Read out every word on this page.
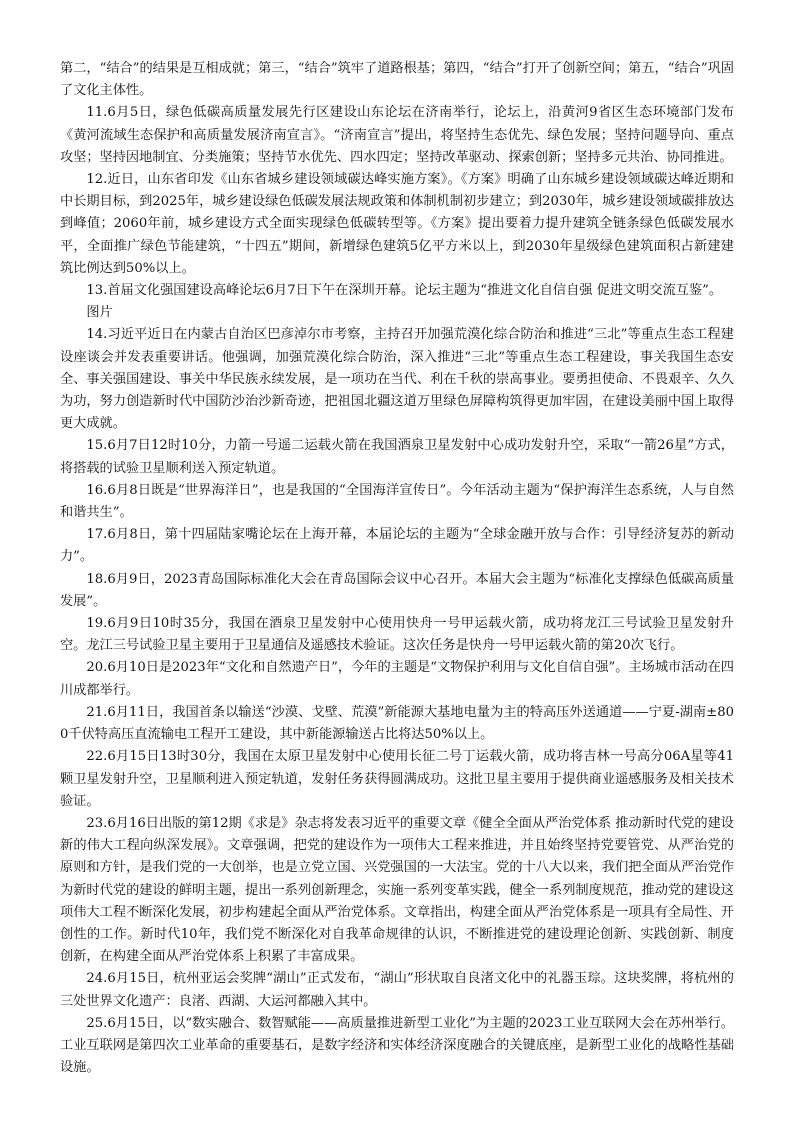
第二，“结合”的结果是互相成就；第三，“结合”筑牢了道路根基；第四，“结合”打开了创新空间；第五，“结合”巩固了文化主体性。

11.6月5日，绿色低碳高质量发展先行区建设山东论坛在济南举行，论坛上，沿黄河9省区生态环境部门发布《黄河流域生态保护和高质量发展济南宣言》。“济南宣言”提出，将坚持生态优先、绿色发展；坚持问题导向、重点攻坚；坚持因地制宜、分类施策；坚持节水优先、四水四定；坚持改革驱动、探索创新；坚持多元共治、协同推进。

12.近日，山东省印发《山东省城乡建设领域碳达峰实施方案》。《方案》明确了山东城乡建设领域碳达峰近期和中长期目标，到2025年，城乡建设绿色低碳发展法规政策和体制机制初步建立；到2030年，城乡建设领域碳排放达到峰值；2060年前，城乡建设方式全面实现绿色低碳转型等。《方案》提出要着力提升建筑全链条绿色低碳发展水平，全面推广绿色节能建筑，“十四五”期间，新增绿色建筑5亿平方米以上，到2030年星级绿色建筑面积占新建建筑比例达到50%以上。

13.首届文化强国建设高峰论坛6月7日下午在深圳开幕。论坛主题为“推进文化自信自强 促进文明交流互鉴”。

图片

14.习近平近日在内蒙古自治区巴彦淖尔市考察，主持召开加强荒漠化综合防治和推进“三北”等重点生态工程建设座谈会并发表重要讲话。他强调，加强荒漠化综合防治，深入推进“三北”等重点生态工程建设，事关我国生态安全、事关强国建设、事关中华民族永续发展，是一项功在当代、利在千秋的崇高事业。要勇担使命、不畏艰辛、久久为功，努力创造新时代中国防沙治沙新奇迹，把祖国北疆这道万里绿色屏障构筑得更加牢固，在建设美丽中国上取得更大成就。

15.6月7日12时10分，力箭一号遥二运载火箭在我国酒泉卫星发射中心成功发射升空，采取“一箭26星”方式，将搭载的试验卫星顺利送入预定轨道。

16.6月8日既是“世界海洋日”，也是我国的“全国海洋宣传日”。今年活动主题为“保护海洋生态系统，人与自然和谐共生”。

17.6月8日，第十四届陆家嘴论坛在上海开幕，本届论坛的主题为“全球金融开放与合作：引导经济复苏的新动力”。

18.6月9日，2023青岛国际标准化大会在青岛国际会议中心召开。本届大会主题为“标准化支撑绿色低碳高质量发展”。

19.6月9日10时35分，我国在酒泉卫星发射中心使用快舟一号甲运载火箭，成功将龙江三号试验卫星发射升空。龙江三号试验卫星主要用于卫星通信及遥感技术验证。这次任务是快舟一号甲运载火箭的第20次飞行。

20.6月10日是2023年“文化和自然遗产日”，今年的主题是“文物保护利用与文化自信自强”。主场城市活动在四川成都举行。

21.6月11日，我国首条以输送“沙漠、戈壁、荒漠”新能源大基地电量为主的特高压外送通道——宁夏-湖南±800千伏特高压直流输电工程开工建设，其中新能源输送占比将达50%以上。

22.6月15日13时30分，我国在太原卫星发射中心使用长征二号丁运载火箭，成功将吉林一号高分06A星等41颗卫星发射升空，卫星顺利进入预定轨道，发射任务获得圆满成功。这批卫星主要用于提供商业遥感服务及相关技术验证。

23.6月16日出版的第12期《求是》杂志将发表习近平的重要文章《健全全面从严治党体系 推动新时代党的建设新的伟大工程向纵深发展》。文章强调，把党的建设作为一项伟大工程来推进，并且始终坚持党要管党、从严治党的原则和方针，是我们党的一大创举，也是立党立国、兴党强国的一大法宝。党的十八大以来，我们把全面从严治党作为新时代党的建设的鲜明主题，提出一系列创新理念，实施一系列变革实践，健全一系列制度规范，推动党的建设这项伟大工程不断深化发展，初步构建起全面从严治党体系。文章指出，构建全面从严治党体系是一项具有全局性、开创性的工作。新时代10年，我们党不断深化对自我革命规律的认识，不断推进党的建设理论创新、实践创新、制度创新，在构建全面从严治党体系上积累了丰富成果。

24.6月15日，杭州亚运会奖牌“湖山”正式发布，“湖山”形状取自良渚文化中的礼器玉琮。这块奖牌，将杭州的三处世界文化遗产：良渚、西湖、大运河都融入其中。

25.6月15日，以“数实融合、数智赋能——高质量推进新型工业化”为主题的2023工业互联网大会在苏州举行。工业互联网是第四次工业革命的重要基石，是数字经济和实体经济深度融合的关键底座，是新型工业化的战略性基础设施。
